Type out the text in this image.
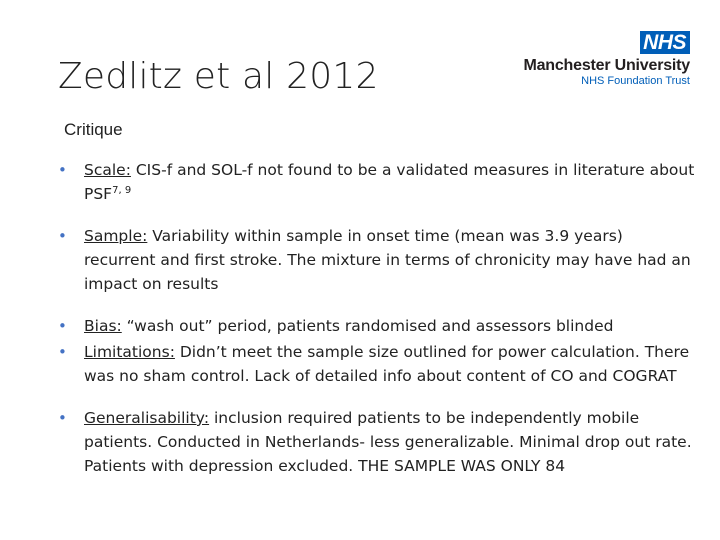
Zedlitz et al 2012
NHS
Manchester University
NHS Foundation Trust
Critique
• Scale: CIS-f and SOL-f not found to be a validated measures in literature about PSF$^{7, 9}$
• Sample: Variability within sample in onset time (mean was 3.9 years) recurrent and first stroke. The mixture in terms of chronicity may have had an impact on results
• Bias: “wash out” period, patients randomised and assessors blinded
• Limitations: Didn’t meet the sample size outlined for power calculation. There was no sham control. Lack of detailed info about content of CO and COGRAT
• Generalisability: inclusion required patients to be independently mobile patients. Conducted in Netherlands- less generalizable. Minimal drop out rate. Patients with depression excluded. THE SAMPLE WAS ONLY 84
